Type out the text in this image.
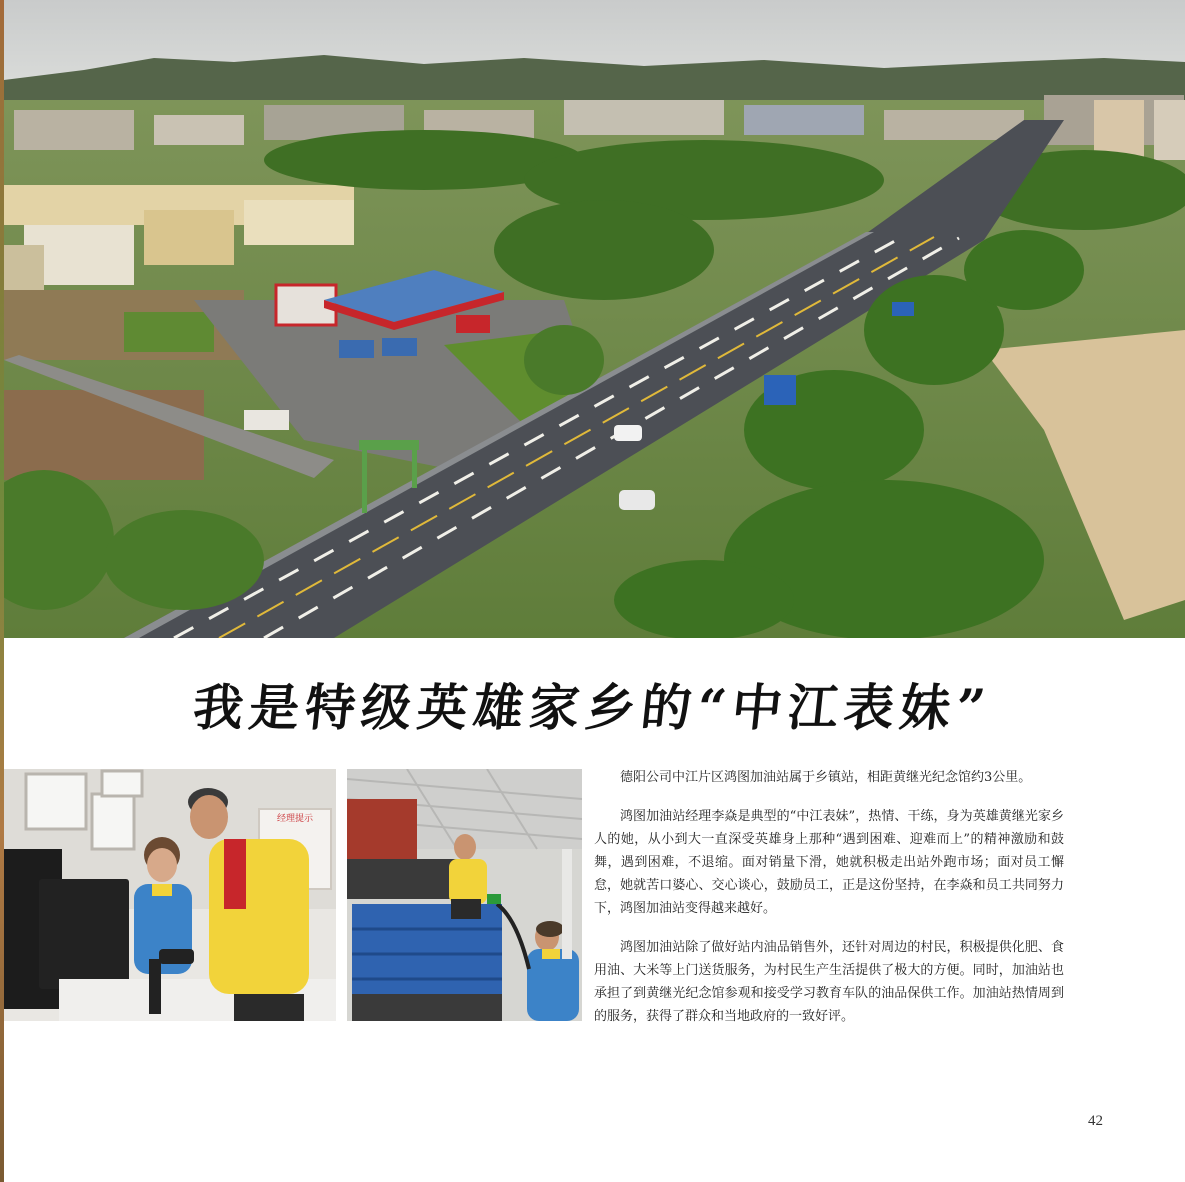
我是特级英雄家乡的“中江表妹”
经理提示

德阳公司中江片区鸿图加油站属于乡镇站，相距黄继光纪念馆约3公里。

鸿图加油站经理李焱是典型的“中江表妹”，热情、干练，身为英雄黄继光家乡人的她，从小到大一直深受英雄身上那种“遇到困难、迎难而上”的精神激励和鼓舞，遇到困难，不退缩。面对销量下滑，她就积极走出站外跑市场；面对员工懈怠，她就苦口婆心、交心谈心，鼓励员工，正是这份坚持，在李焱和员工共同努力下，鸿图加油站变得越来越好。

鸿图加油站除了做好站内油品销售外，还针对周边的村民，积极提供化肥、食用油、大米等上门送货服务，为村民生产生活提供了极大的方便。同时，加油站也承担了到黄继光纪念馆参观和接受学习教育车队的油品保供工作。加油站热情周到的服务，获得了群众和当地政府的一致好评。

42
